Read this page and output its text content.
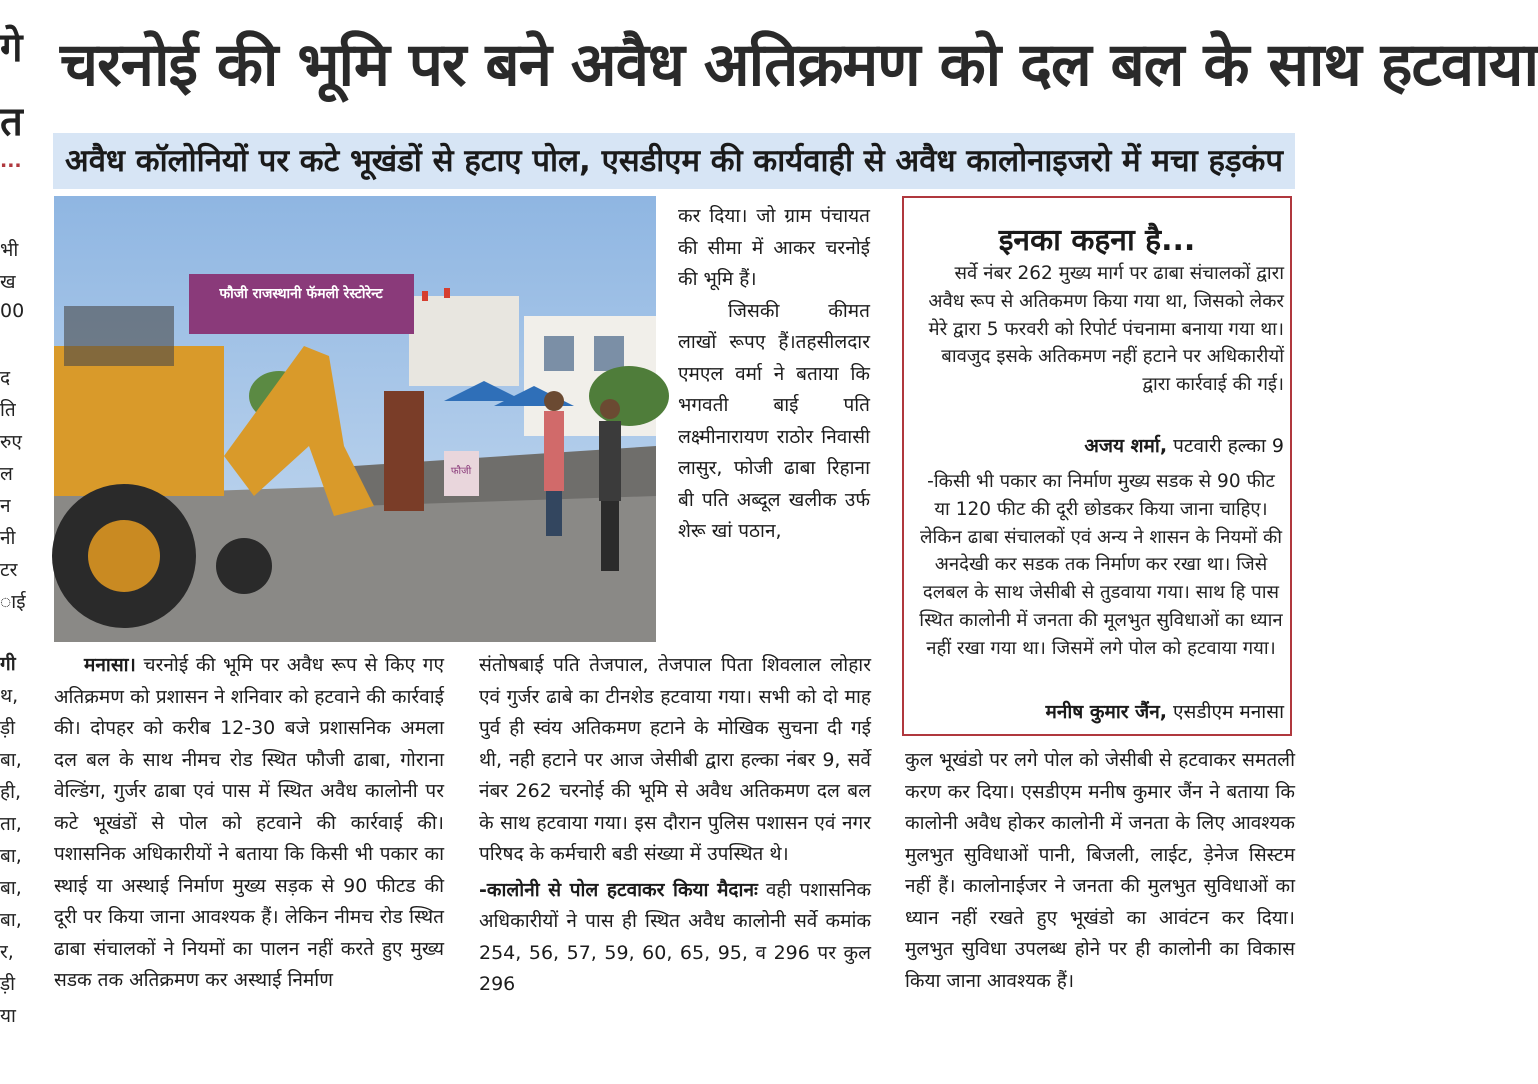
गे
त
...
भी
ख
00
द
ति
रुए
ल
न
नी
टर
ाई
गी
थ,
ड़ी
बा,
ही,
ता,
बा,
बा,
बा,
र,
ड़ी
या
चरनोई की भूमि पर बने अवैध अतिक्रमण को दल बल के साथ हटवाया
अवैध कॉलोनियों पर कटे भूखंडों से हटाए पोल, एसडीएम की कार्यवाही से अवैध कालोनाइजरो में मचा हड़कंप
फौजी राजस्थानी फॅमली रेस्टोरेन्ट
फौजी

मनासा। चरनोई की भूमि पर अवैध रूप से किए गए अतिक्रमण को प्रशासन ने शनिवार को हटवाने की कार्रवाई की। दोपहर को करीब 12-30 बजे प्रशासनिक अमला दल बल के साथ नीमच रोड स्थित फौजी ढाबा, गोराना वेल्डिंग, गुर्जर ढाबा एवं पास में स्थित अवैध कालोनी पर कटे भूखंडों से पोल को हटवाने की कार्रवाई की। पशासनिक अधिकारीयों ने बताया कि किसी भी पकार का स्थाई या अस्थाई निर्माण मुख्य सड़क से 90 फीटड की दूरी पर किया जाना आवश्यक हैं। लेकिन नीमच रोड स्थित ढाबा संचालकों ने नियमों का पालन नहीं करते हुए मुख्य सडक तक अतिक्रमण कर अस्थाई निर्माण

कर दिया। जो ग्राम पंचायत की सीमा में आकर चरनोई की भूमि हैं।

जिसकी कीमत लाखों रूपए हैं।तहसीलदार एमएल वर्मा ने बताया कि भगवती बाई पति लक्ष्मीनारायण राठोर निवासी लासुर, फोजी ढाबा रिहाना बी पति अब्दूल खलीक उर्फ शेरू खां पठान,

संतोषबाई पति तेजपाल, तेजपाल पिता शिवलाल लोहार एवं गुर्जर ढाबे का टीनशेड हटवाया गया। सभी को दो माह पुर्व ही स्वंय अतिकमण हटाने के मोखिक सुचना दी गई थी, नही हटाने पर आज जेसीबी द्वारा हल्का नंबर 9, सर्वे नंबर 262 चरनोई की भूमि से अवैध अतिकमण दल बल के साथ हटवाया गया। इस दौरान पुलिस पशासन एवं नगर परिषद के कर्मचारी बडी संख्या में उपस्थित थे।

-कालोनी से पोल हटवाकर किया मैदानः वही पशासनिक अधिकारीयों ने पास ही स्थित अवैध कालोनी सर्वे कमांक 254, 56, 57, 59, 60, 65, 95, व 296 पर कुल 296

कुल भूखंडो पर लगे पोल को जेसीबी से हटवाकर समतली करण कर दिया। एसडीएम मनीष कुमार जैंन ने बताया कि कालोनी अवैध होकर कालोनी में जनता के लिए आवश्यक मुलभुत सुविधाओं पानी, बिजली, लाईट, ड़ेनेज सिस्टम नहीं हैं। कालोनाईजर ने जनता की मुलभुत सुविधाओं का ध्यान नहीं रखते हुए भूखंडो का आवंटन कर दिया। मुलभुत सुविधा उपलब्ध होने पर ही कालोनी का विकास किया जाना आवश्यक हैं।

इनका कहना है...
सर्वे नंबर 262 मुख्य मार्ग पर ढाबा संचालकों द्वारा अवैध रूप से अतिकमण किया गया था, जिसको लेकर मेरे द्वारा 5 फरवरी को रिपोर्ट पंचनामा बनाया गया था। बावजुद इसके अतिकमण नहीं हटाने पर अधिकारीयों द्वारा कार्रवाई की गई।
अजय शर्मा, पटवारी हल्का 9
-किसी भी पकार का निर्माण मुख्य सडक से 90 फीट या 120 फीट की दूरी छोडकर किया जाना चाहिए। लेकिन ढाबा संचालकों एवं अन्य ने शासन के नियमों की अनदेखी कर सडक तक निर्माण कर रखा था। जिसे दलबल के साथ जेसीबी से तुडवाया गया। साथ हि पास स्थित कालोनी में जनता की मूलभुत सुविधाओं का ध्यान नहीं रखा गया था। जिसमें लगे पोल को हटवाया गया।
मनीष कुमार जैंन, एसडीएम मनासा
